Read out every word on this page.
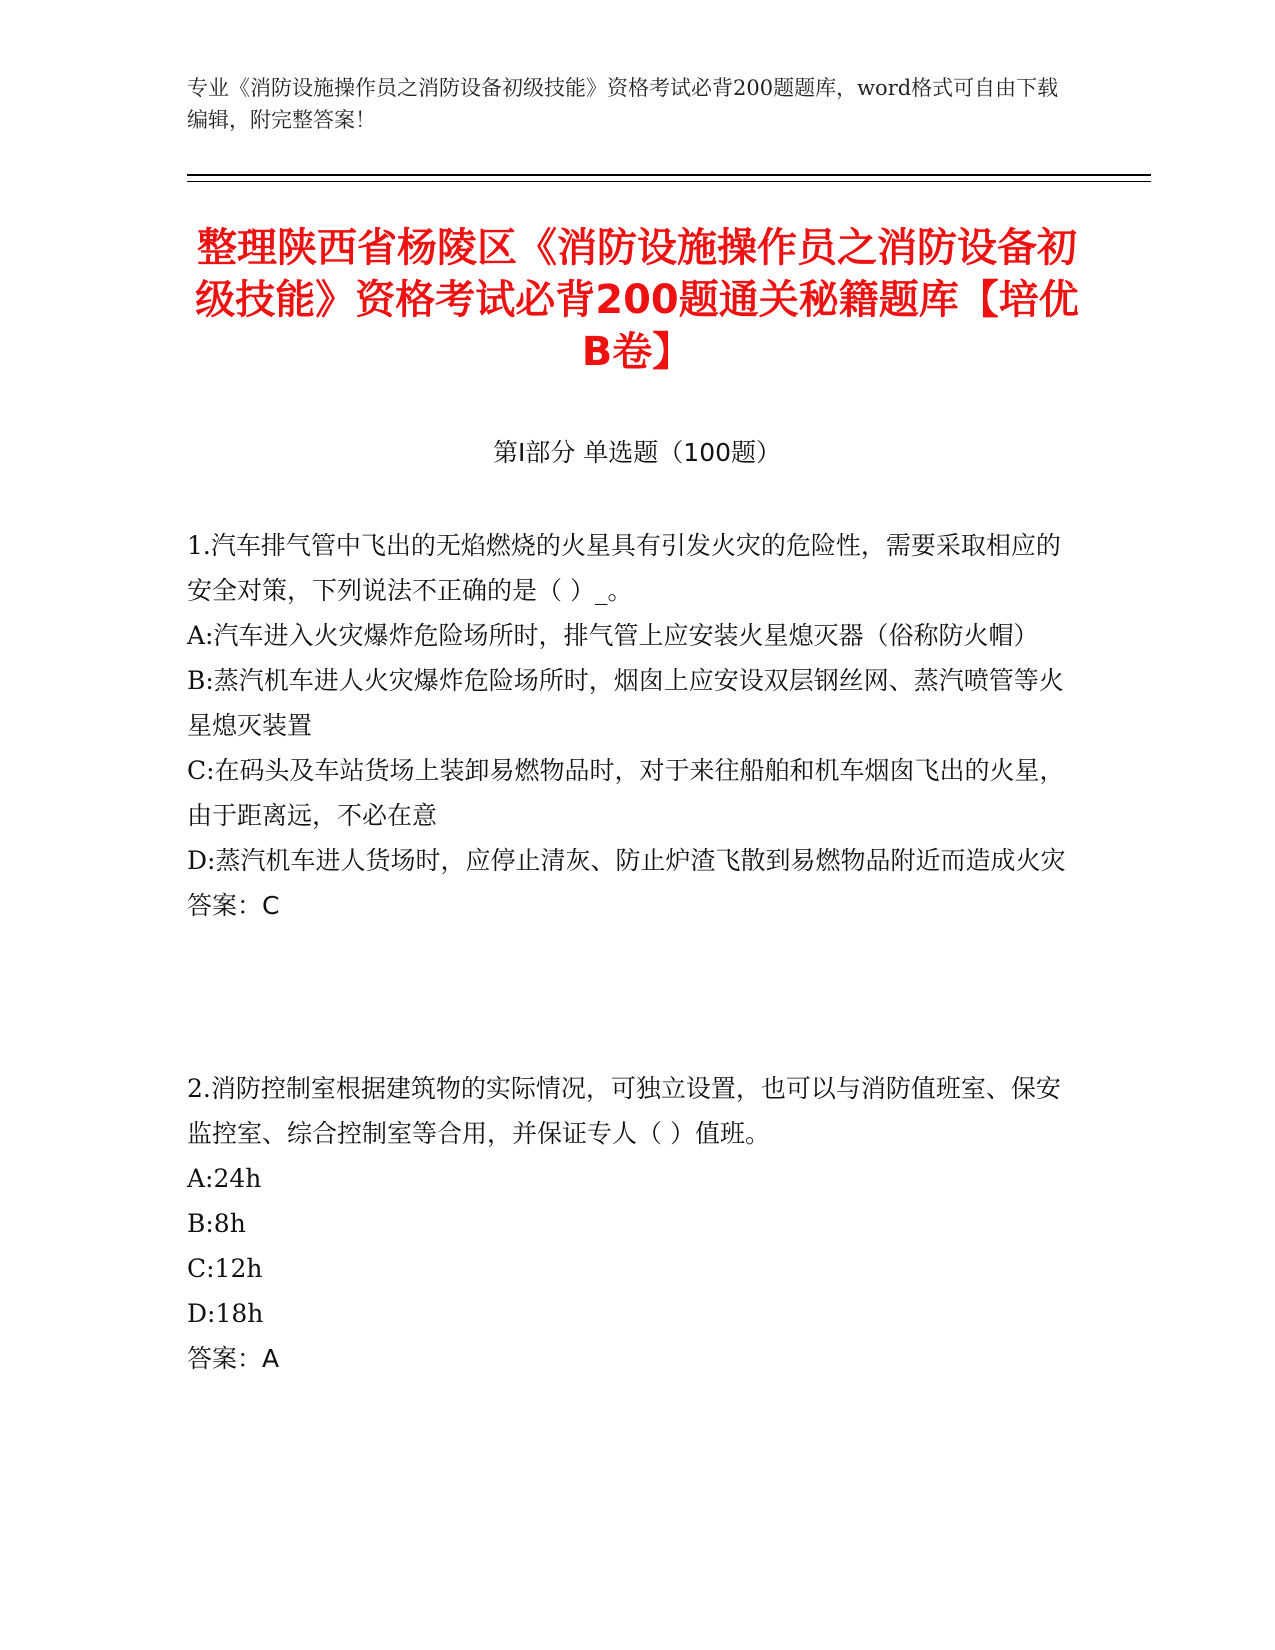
专业《消防设施操作员之消防设备初级技能》资格考试必背200题题库，word格式可自由下载编辑，附完整答案！
整理陕西省杨陵区《消防设施操作员之消防设备初级技能》资格考试必背200题通关秘籍题库【培优B卷】
第I部分 单选题（100题）

1.汽车排气管中飞出的无焰燃烧的火星具有引发火灾的危险性，需要采取相应的安全对策，下列说法不正确的是（ ）_。

A:汽车进入火灾爆炸危险场所时，排气管上应安装火星熄灭器（俗称防火帽）

B:蒸汽机车进人火灾爆炸危险场所时，烟囱上应安设双层钢丝网、蒸汽喷管等火星熄灭装置

C:在码头及车站货场上装卸易燃物品时，对于来往船舶和机车烟囱飞出的火星，由于距离远，不必在意

D:蒸汽机车进人货场时，应停止清灰、防止炉渣飞散到易燃物品附近而造成火灾

答案：C

2.消防控制室根据建筑物的实际情况，可独立设置，也可以与消防值班室、保安监控室、综合控制室等合用，并保证专人（ ）值班。

A:24h

B:8h

C:12h

D:18h

答案：A
